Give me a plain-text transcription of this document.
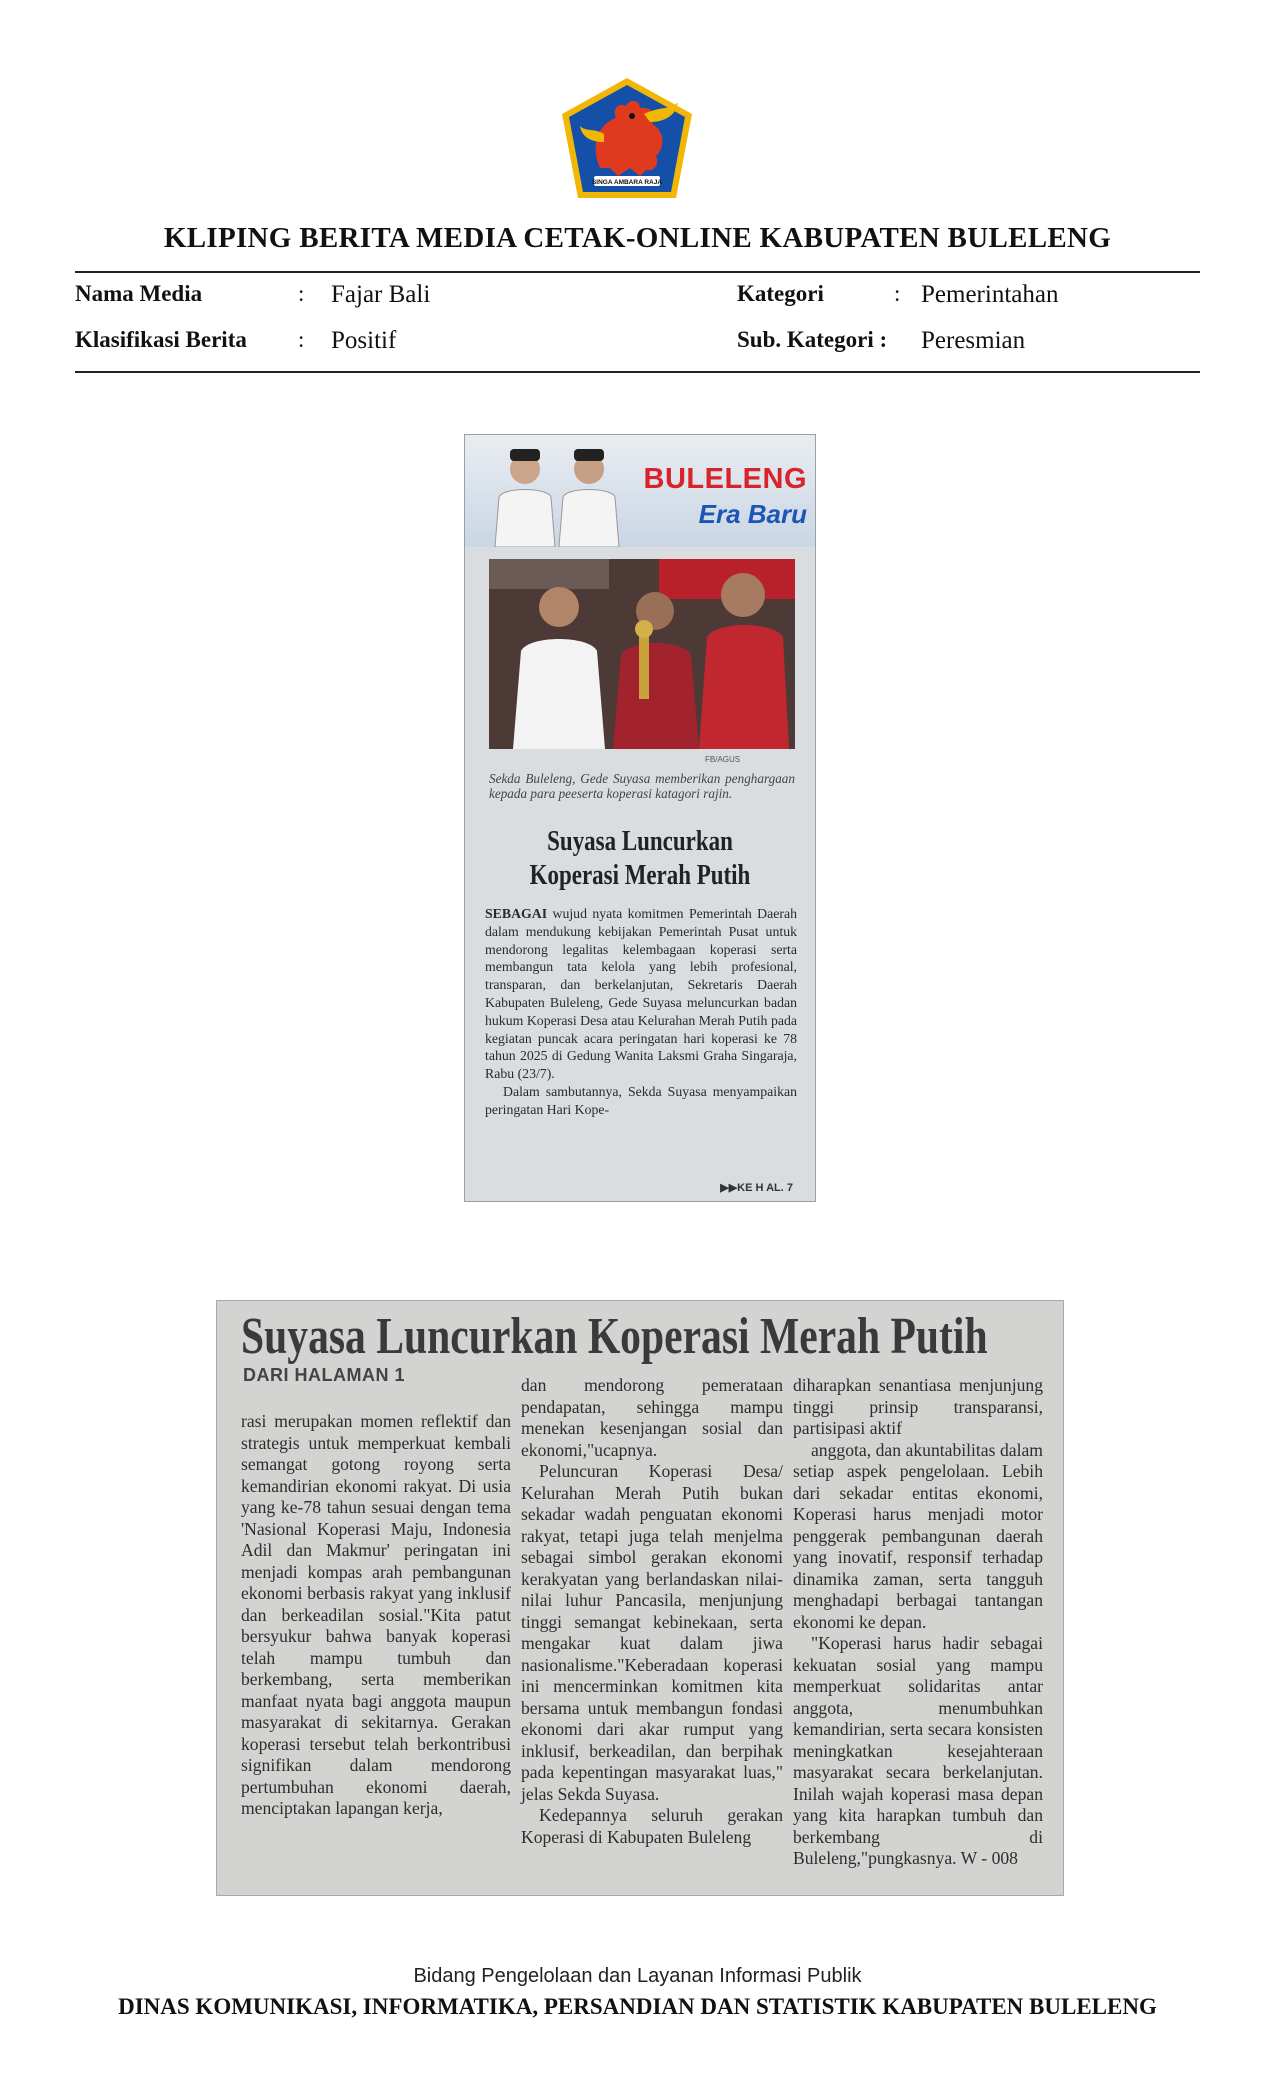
SINGA AMBARA RAJA
KLIPING BERITA MEDIA CETAK-ONLINE KABUPATEN BULELENG
Nama Media	: Fajar Bali	Kategori	: Pemerintahan
Klasifikasi Berita : Positif	Sub. Kategori : Peresmian
BULELENG
Era Baru
FB/AGUS
Sekda Buleleng, Gede Suyasa memberikan penghargaan kepada para peeserta koperasi katagori rajin.
Suyasa Luncurkan
Koperasi Merah Putih

SEBAGAI wujud nyata komitmen Pemerintah Daerah dalam mendukung kebijakan Pemerintah Pusat untuk mendorong legalitas kelembagaan koperasi serta membangun tata kelola yang lebih profesional, transparan, dan berkelanjutan, Sekretaris Daerah Kabupaten Buleleng, Gede Suyasa meluncurkan badan hukum Koperasi Desa atau Kelurahan Merah Putih pada kegiatan puncak acara peringatan hari koperasi ke 78 tahun 2025 di Gedung Wanita Laksmi Graha Singaraja, Rabu (23/7).

Dalam sambutannya, Sekda Suyasa menyampaikan peringatan Hari Kope-

▶▶KE H AL. 7
Suyasa Luncurkan Koperasi Merah Putih
DARI HALAMAN 1

rasi merupakan momen reflektif dan strategis untuk memperkuat kembali semangat gotong royong serta kemandirian ekonomi rakyat. Di usia yang ke-78 tahun sesuai dengan tema 'Nasional Koperasi Maju, Indonesia Adil dan Makmur' peringatan ini menjadi kompas arah pembangunan ekonomi berbasis rakyat yang inklusif dan berkeadilan sosial."Kita patut bersyukur bahwa banyak koperasi telah mampu tumbuh dan berkembang, serta memberikan manfaat nyata bagi anggota maupun masyarakat di sekitarnya. Gerakan koperasi tersebut telah berkontribusi signifikan dalam mendorong pertumbuhan ekonomi daerah, menciptakan lapangan kerja,

dan mendorong pemerataan pendapatan, sehingga mampu menekan kesenjangan sosial dan ekonomi,"ucapnya.

Peluncuran Koperasi Desa/ Kelurahan Merah Putih bukan sekadar wadah penguatan ekonomi rakyat, tetapi juga telah menjelma sebagai simbol gerakan ekonomi kerakyatan yang berlandaskan nilai-nilai luhur Pancasila, menjunjung tinggi semangat kebinekaan, serta mengakar kuat dalam jiwa nasionalisme."Keberadaan koperasi ini mencerminkan komitmen kita bersama untuk membangun fondasi ekonomi dari akar rumput yang inklusif, berkeadilan, dan berpihak pada kepentingan masyarakat luas," jelas Sekda Suyasa.

Kedepannya seluruh gerakan Koperasi di Kabupaten Buleleng

diharapkan senantiasa menjunjung tinggi prinsip transparansi, partisipasi aktif

anggota, dan akuntabilitas dalam setiap aspek pengelolaan. Lebih dari sekadar entitas ekonomi, Koperasi harus menjadi motor penggerak pembangunan daerah yang inovatif, responsif terhadap dinamika zaman, serta tangguh menghadapi berbagai tantangan ekonomi ke depan.

"Koperasi harus hadir sebagai kekuatan sosial yang mampu memperkuat solidaritas antar anggota, menumbuhkan kemandirian, serta secara konsisten meningkatkan kesejahteraan masyarakat secara berkelanjutan. Inilah wajah koperasi masa depan yang kita harapkan tumbuh dan berkembang di Buleleng,"pungkasnya. W - 008

Bidang Pengelolaan dan Layanan Informasi Publik
DINAS KOMUNIKASI, INFORMATIKA, PERSANDIAN DAN STATISTIK KABUPATEN BULELENG
